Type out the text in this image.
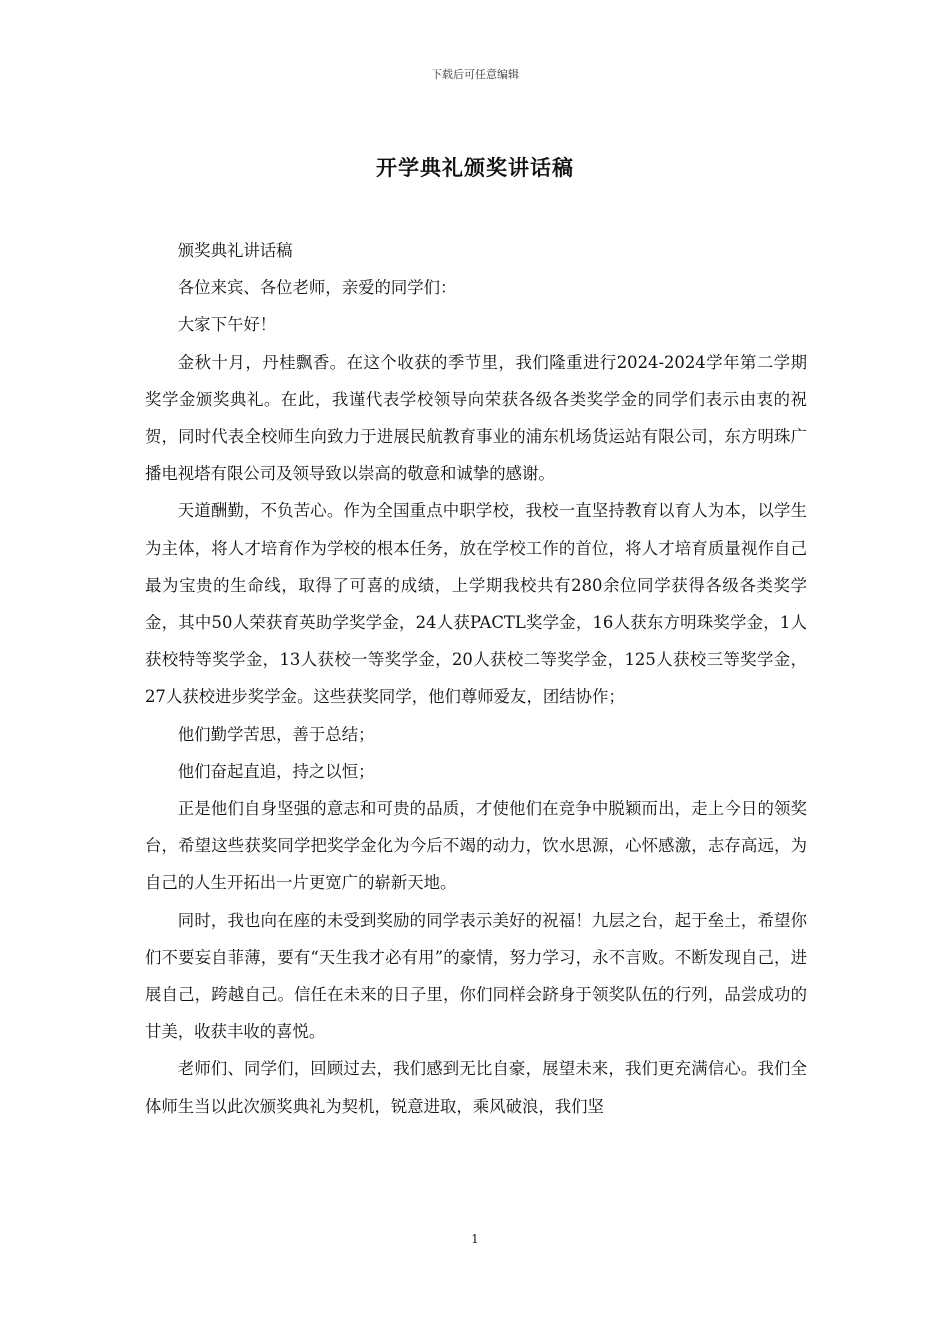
下载后可任意编辑
开学典礼颁奖讲话稿

颁奖典礼讲话稿

各位来宾、各位老师，亲爱的同学们：

大家下午好！

金秋十月，丹桂飘香。在这个收获的季节里，我们隆重进行2024-2024学年第二学期奖学金颁奖典礼。在此，我谨代表学校领导向荣获各级各类奖学金的同学们表示由衷的祝贺，同时代表全校师生向致力于进展民航教育事业的浦东机场货运站有限公司，东方明珠广播电视塔有限公司及领导致以崇高的敬意和诚挚的感谢。

天道酬勤，不负苦心。作为全国重点中职学校，我校一直坚持教育以育人为本，以学生为主体，将人才培育作为学校的根本任务，放在学校工作的首位，将人才培育质量视作自己最为宝贵的生命线，取得了可喜的成绩，上学期我校共有280余位同学获得各级各类奖学金，其中50人荣获育英助学奖学金，24人获PACTL奖学金，16人获东方明珠奖学金，1人获校特等奖学金，13人获校一等奖学金，20人获校二等奖学金，125人获校三等奖学金，27人获校进步奖学金。这些获奖同学，他们尊师爱友，团结协作；

他们勤学苦思，善于总结；

他们奋起直追，持之以恒；

正是他们自身坚强的意志和可贵的品质，才使他们在竞争中脱颖而出，走上今日的领奖台，希望这些获奖同学把奖学金化为今后不竭的动力，饮水思源，心怀感激，志存高远，为自己的人生开拓出一片更宽广的崭新天地。

同时，我也向在座的未受到奖励的同学表示美好的祝福！九层之台，起于垒土，希望你们不要妄自菲薄，要有“天生我才必有用”的豪情，努力学习，永不言败。不断发现自己，进展自己，跨越自己。信任在未来的日子里，你们同样会跻身于领奖队伍的行列，品尝成功的甘美，收获丰收的喜悦。

老师们、同学们，回顾过去，我们感到无比自豪，展望未来，我们更充满信心。我们全体师生当以此次颁奖典礼为契机，锐意进取，乘风破浪，我们坚

1
